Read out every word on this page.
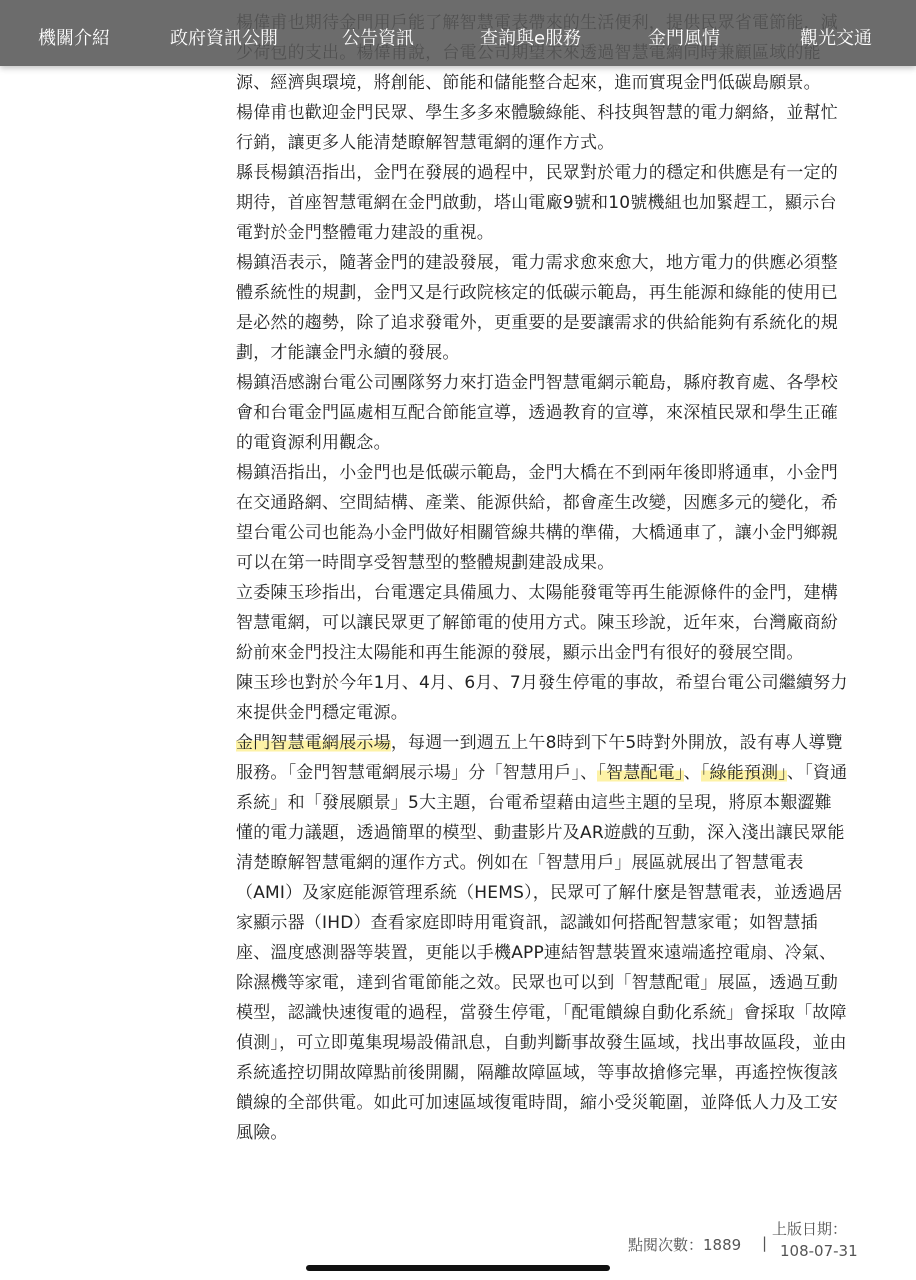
機關介紹	政府資訊公開	公告資訊	查詢與e服務	金門風情	觀光交通

源、經濟與環境，將創能、節能和儲能整合起來，進而實現金門低碳島願景。

楊偉甫也歡迎金門民眾、學生多多來體驗綠能、科技與智慧的電力網絡，並幫忙行銷，讓更多人能清楚瞭解智慧電網的運作方式。

縣長楊鎮浯指出，金門在發展的過程中，民眾對於電力的穩定和供應是有一定的期待，首座智慧電網在金門啟動，塔山電廠9號和10號機組也加緊趕工，顯示台電對於金門整體電力建設的重視。

楊鎮浯表示，隨著金門的建設發展，電力需求愈來愈大，地方電力的供應必須整體系統性的規劃，金門又是行政院核定的低碳示範島，再生能源和綠能的使用已是必然的趨勢，除了追求發電外，更重要的是要讓需求的供給能夠有系統化的規劃，才能讓金門永續的發展。

楊鎮浯感謝台電公司團隊努力來打造金門智慧電網示範島，縣府教育處、各學校會和台電金門區處相互配合節能宣導，透過教育的宣導，來深植民眾和學生正確的電資源利用觀念。

楊鎮浯指出，小金門也是低碳示範島，金門大橋在不到兩年後即將通車，小金門在交通路網、空間結構、產業、能源供給，都會產生改變，因應多元的變化，希望台電公司也能為小金門做好相關管線共構的準備，大橋通車了，讓小金門鄉親可以在第一時間享受智慧型的整體規劃建設成果。

立委陳玉珍指出，台電選定具備風力、太陽能發電等再生能源條件的金門，建構智慧電網，可以讓民眾更了解節電的使用方式。陳玉珍說，近年來，台灣廠商紛紛前來金門投注太陽能和再生能源的發展，顯示出金門有很好的發展空間。

陳玉珍也對於今年1月、4月、6月、7月發生停電的事故，希望台電公司繼續努力來提供金門穩定電源。

金門智慧電網展示場，每週一到週五上午8時到下午5時對外開放，設有專人導覽服務。「金門智慧電網展示場」分「智慧用戶」、「智慧配電」、「綠能預測」、「資通系統」和「發展願景」5大主題，台電希望藉由這些主題的呈現，將原本艱澀難懂的電力議題，透過簡單的模型、動畫影片及AR遊戲的互動，深入淺出讓民眾能清楚瞭解智慧電網的運作方式。例如在「智慧用戶」展區就展出了智慧電表（AMI）及家庭能源管理系統（HEMS），民眾可了解什麼是智慧電表，並透過居家顯示器（IHD）查看家庭即時用電資訊，認識如何搭配智慧家電；如智慧插座、溫度感測器等裝置，更能以手機APP連結智慧裝置來遠端遙控電扇、冷氣、除濕機等家電，達到省電節能之效。民眾也可以到「智慧配電」展區，透過互動模型，認識快速復電的過程，當發生停電，「配電饋線自動化系統」會採取「故障偵測」，可立即蒐集現場設備訊息，自動判斷事故發生區域，找出事故區段，並由系統遙控切開故障點前後開關，隔離故障區域，等事故搶修完畢，再遙控恢復該饋線的全部供電。如此可加速區域復電時間，縮小受災範圍，並降低人力及工安風險。

點閱次數：1889 |
上版日期：
108-07-31
